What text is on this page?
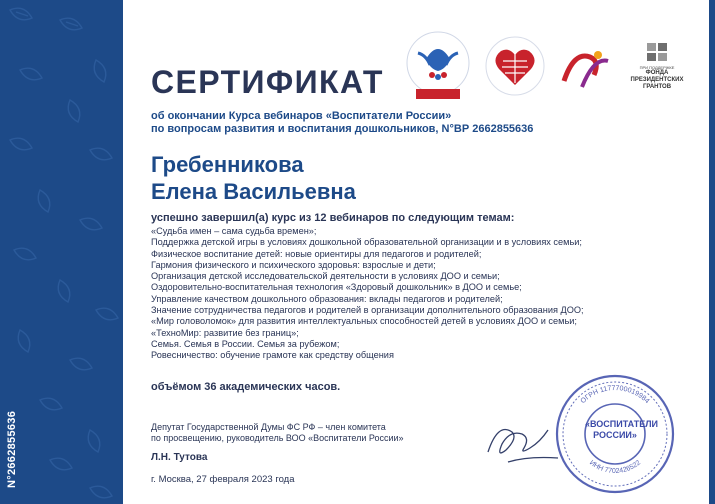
N°2662855636
ПРИ ПОДДЕРЖКЕ
ФОНДА ПРЕЗИДЕНТСКИХ ГРАНТОВ
СЕРТИФИКАТ
об окончании Курса вебинаров «Воспитатели России»
по вопросам развития и воспитания дошкольников, N°ВР 2662855636
Гребенникова
Елена Васильевна
успешно завершил(а) курс из 12 вебинаров по следующим темам:
«Судьба имен – сама судьба времен»;
Поддержка детской игры в условиях дошкольной образовательной организации и в условиях семьи;
Физическое воспитание детей: новые ориентиры для педагогов и родителей;
Гармония физического и психического здоровья: взрослые и дети;
Организация детской исследовательской деятельности в условиях ДОО и семьи;
Оздоровительно-воспитательная технология «Здоровый дошкольник» в ДОО и семье;
Управление качеством дошкольного образования: вклады педагогов и родителей;
Значение сотрудничества педагогов и родителей в организации дополнительного образования ДОО;
«Мир головоломок» для развития интеллектуальных способностей детей в условиях ДОО и семьи;
«ТехноМир: развитие без границ»;
Семья. Семья в России. Семья за рубежом;
Ровесничество: обучение грамоте как средству общения
объёмом 36 академических часов.
Депутат Государственной Думы ФС РФ – член комитета
по просвещению, руководитель ВОО «Воспитатели России»
Л.Н. Тутова
г. Москва, 27 февраля 2023 года
ОГРН 1177700019984
ИНН 7702426522
«ВОСПИТАТЕЛИ РОССИИ»
